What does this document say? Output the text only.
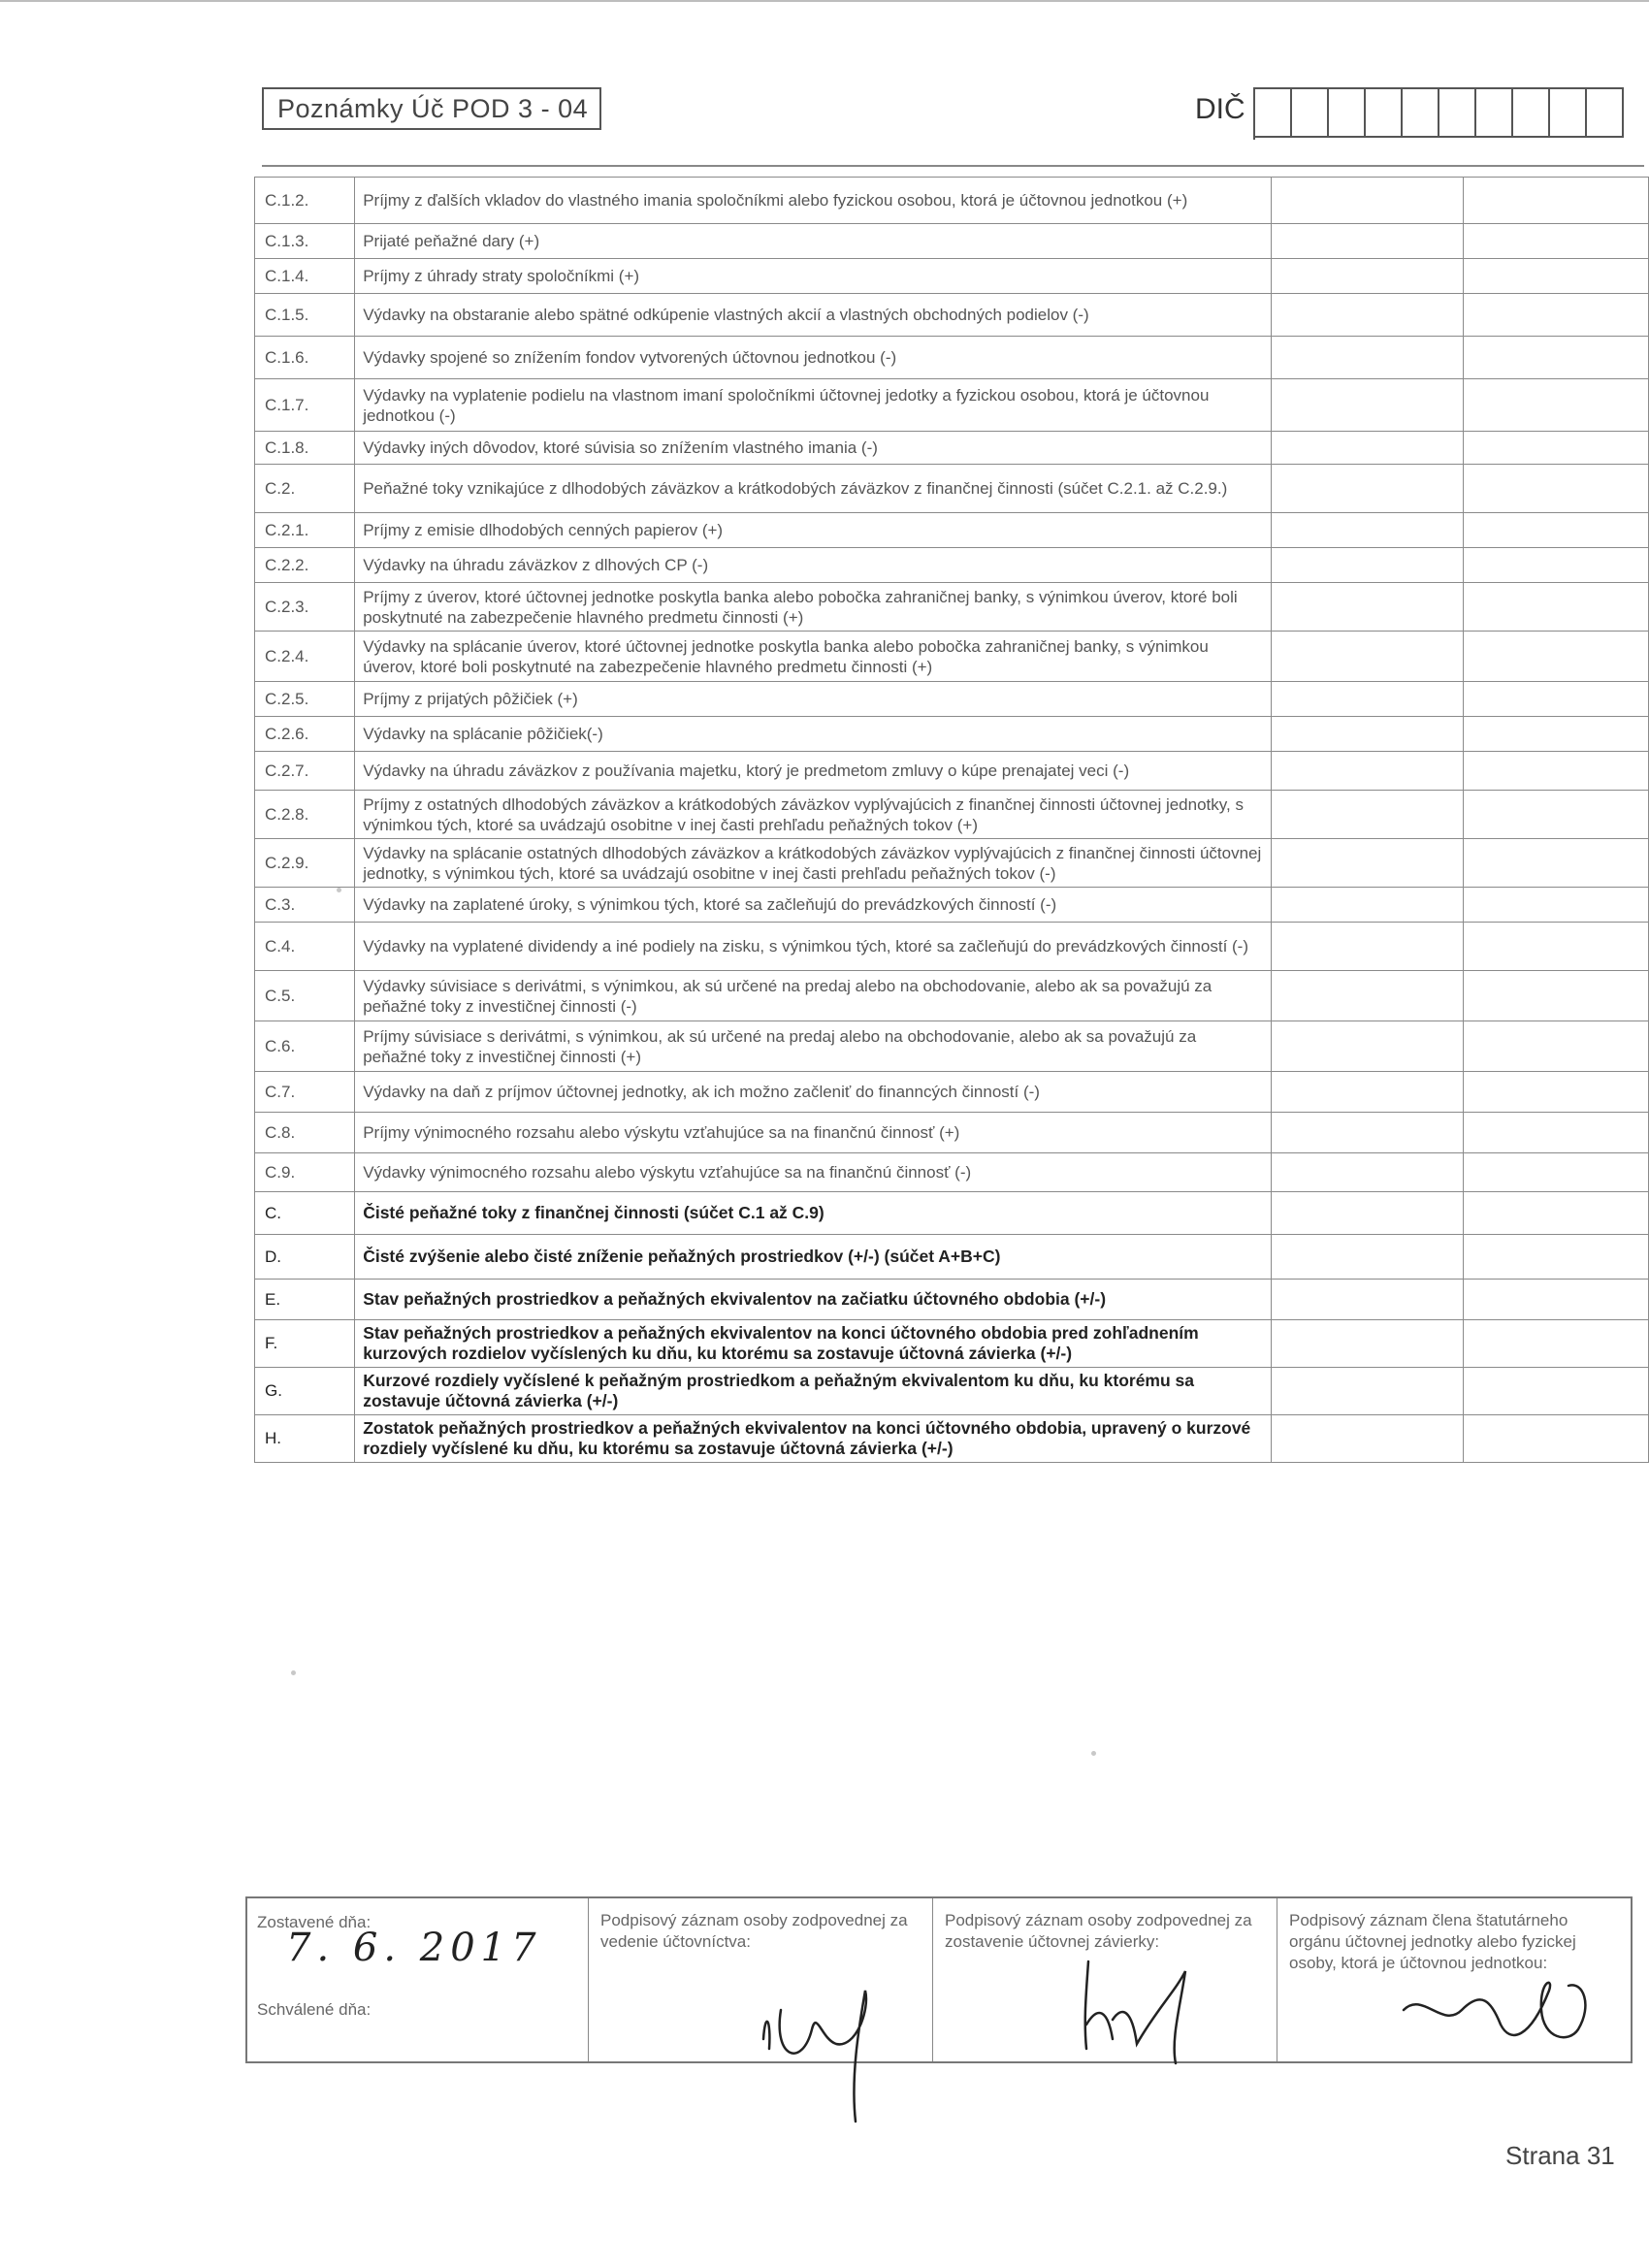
Poznámky Úč POD 3 - 04	DIČ
C.1.2.	Príjmy z ďalších vkladov do vlastného imania spoločníkmi alebo fyzickou osobou, ktorá je účtovnou jednotkou (+)		
C.1.3.	Prijaté peňažné dary (+)		
C.1.4.	Príjmy z úhrady straty spoločníkmi (+)		
C.1.5.	Výdavky na obstaranie alebo spätné odkúpenie vlastných akcií a vlastných obchodných podielov (-)		
C.1.6.	Výdavky spojené so znížením fondov vytvorených účtovnou jednotkou (-)		
C.1.7.	Výdavky na vyplatenie podielu na vlastnom imaní spoločníkmi účtovnej jedotky a fyzickou osobou, ktorá je účtovnou jednotkou (-)		
C.1.8.	Výdavky iných dôvodov, ktoré súvisia so znížením vlastného imania (-)		
C.2.	Peňažné toky vznikajúce z dlhodobých záväzkov a krátkodobých záväzkov z finančnej činnosti (súčet C.2.1. až C.2.9.)		
C.2.1.	Príjmy z emisie dlhodobých cenných papierov (+)		
C.2.2.	Výdavky na úhradu záväzkov z dlhových CP (-)		
C.2.3.	Príjmy z úverov, ktoré účtovnej jednotke poskytla banka alebo pobočka zahraničnej banky, s výnimkou úverov, ktoré boli poskytnuté na zabezpečenie hlavného predmetu činnosti (+)		
C.2.4.	Výdavky na splácanie úverov, ktoré účtovnej jednotke poskytla banka alebo pobočka zahraničnej banky, s výnimkou úverov, ktoré boli poskytnuté na zabezpečenie hlavného predmetu činnosti (+)		
C.2.5.	Príjmy z prijatých pôžičiek (+)		
C.2.6.	Výdavky na splácanie pôžičiek(-)		
C.2.7.	Výdavky na úhradu záväzkov z používania majetku, ktorý je predmetom zmluvy o kúpe prenajatej veci (-)		
C.2.8.	Príjmy z ostatných dlhodobých záväzkov a krátkodobých záväzkov vyplývajúcich z finančnej činnosti účtovnej jednotky, s výnimkou tých, ktoré sa uvádzajú osobitne v inej časti prehľadu peňažných tokov (+)		
C.2.9.	Výdavky na splácanie ostatných dlhodobých záväzkov a krátkodobých záväzkov vyplývajúcich z finančnej činnosti účtovnej jednotky, s výnimkou tých, ktoré sa uvádzajú osobitne v inej časti prehľadu peňažných tokov (-)		
C.3.	Výdavky na zaplatené úroky, s výnimkou tých, ktoré sa začleňujú do prevádzkových činností (-)		
C.4.	Výdavky na vyplatené dividendy a iné podiely na zisku, s výnimkou tých, ktoré sa začleňujú do prevádzkových činností (-)		
C.5.	Výdavky súvisiace s derivátmi, s výnimkou, ak sú určené na predaj alebo na obchodovanie, alebo ak sa považujú za peňažné toky z investičnej činnosti (-)		
C.6.	Príjmy súvisiace s derivátmi, s výnimkou, ak sú určené na predaj alebo na obchodovanie, alebo ak sa považujú za peňažné toky z investičnej činnosti (+)		
C.7.	Výdavky na daň z príjmov účtovnej jednotky, ak ich možno začleniť do finanncých činností (-)		
C.8.	Príjmy výnimocného rozsahu alebo výskytu vzťahujúce sa na finančnú činnosť (+)		
C.9.	Výdavky výnimocného rozsahu alebo výskytu vzťahujúce sa na finančnú činnosť (-)		
C.	Čisté peňažné toky z finančnej činnosti (súčet C.1 až C.9)		
D.	Čisté zvýšenie alebo čisté zníženie peňažných prostriedkov (+/-) (súčet A+B+C)		
E.	Stav peňažných prostriedkov a peňažných ekvivalentov na začiatku účtovného obdobia (+/-)		
F.	Stav peňažných prostriedkov a peňažných ekvivalentov na konci účtovného obdobia pred zohľadnením kurzových rozdielov vyčíslených ku dňu, ku ktorému sa zostavuje účtovná závierka (+/-)		
G.	Kurzové rozdiely vyčíslené k peňažným prostriedkom a peňažným ekvivalentom ku dňu, ku ktorému sa zostavuje účtovná závierka (+/-)		
H.	Zostatok peňažných prostriedkov a peňažných ekvivalentov na konci účtovného obdobia, upravený o kurzové rozdiely vyčíslené ku dňu, ku ktorému sa zostavuje účtovná závierka (+/-)		
Zostavené dňa:
7. 6. 2017
Schválené dňa:
Podpisový záznam osoby zodpovednej za vedenie účtovníctva:
Podpisový záznam osoby zodpovednej za zostavenie účtovnej závierky:
Podpisový záznam člena štatutárneho orgánu účtovnej jednotky alebo fyzickej osoby, ktorá je účtovnou jednotkou:
Strana 31
